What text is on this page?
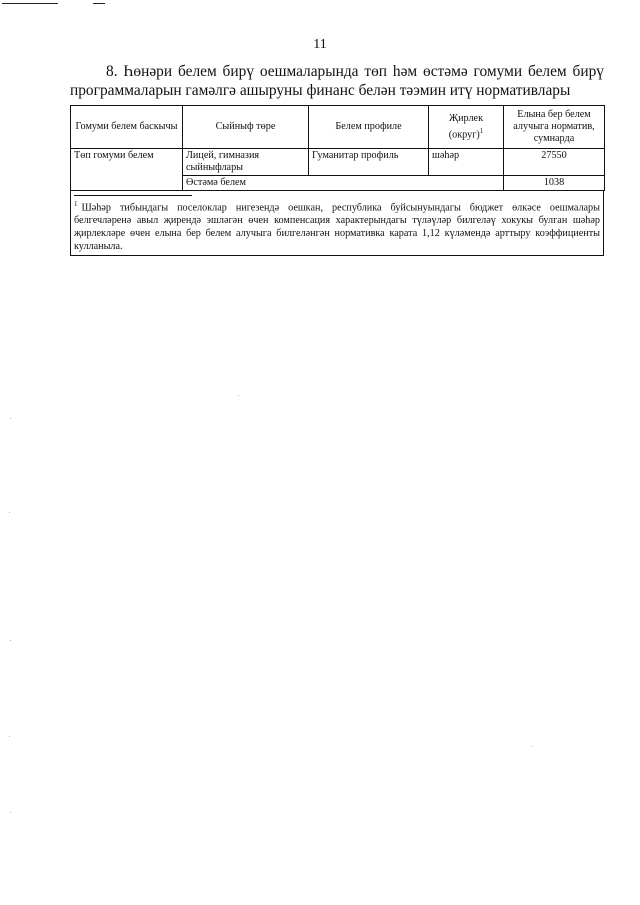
11
8. Һөнәри белем бирү оешмаларында төп һәм өстәмә гомуми белем бирү программаларын гамәлгә ашыруны финанс белән тәэмин итү нормативлары
Гомуми белем баскычы	Сыйныф төре	Белем профиле	Җирлек (округ)$^1$	Елына бер белем алучыга норматив, сумнарда
Төп гомуми белем	Лицей, гимназия сыйныфлары	Гуманитар профиль	шәһәр	27550
	Өстәмә белем			1038
$^1$ Шәһәр тибындагы поселоклар нигезендә оешкан, республика буйсынуындагы бюджет өлкәсе оешмалары белгечләренә авыл җирендә эшләгән өчен компенсация характерындагы түләүләр билгеләү хокукы булган шәһәр җирлекләре өчен елына бер белем алучыга билгеләнгән нормативка карата 1,12 күләмендә арттыру коэффициенты кулланыла.
